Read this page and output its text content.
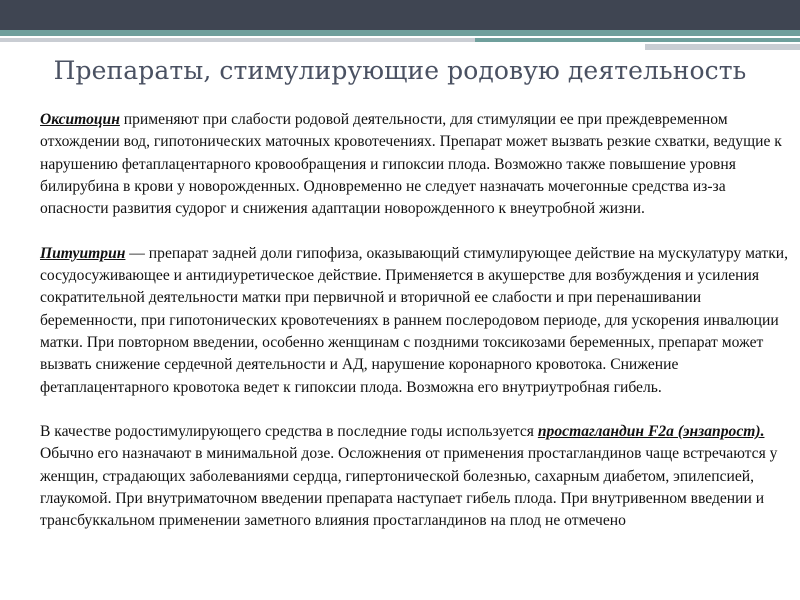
Препараты, стимулирующие родовую деятельность

Окситоцин применяют при слабости родовой деятельности, для стимуляции ее при преждевременном отхождении вод, гипотонических маточных кровотечениях. Препарат может вызвать резкие схватки, ведущие к нарушению фетаплацентарного кровообращения и гипоксии плода. Возможно также повышение уровня билирубина в крови у новорожденных. Одновременно не следует назначать мочегонные средства из-за опасности развития судорог и снижения адаптации новорожденного к внеутробной жизни.

Питуитрин — препарат задней доли гипофиза, оказывающий стимулирующее действие на мускулатуру матки, сосудосуживающее и антидиуретическое действие. Применяется в акушерстве для возбуждения и усиления сократительной деятельности матки при первичной и вторичной ее слабости и при перенашивании беременности, при гипотонических кровотечениях в раннем послеродовом периоде, для ускорения инвалюции матки. При повторном введении, особенно женщинам с поздними токсикозами беременных, препарат может вызвать снижение сердечной деятельности и АД, нарушение коронарного кровотока. Снижение фетаплацентарного кровотока ведет к гипоксии плода. Возможна его внутриутробная гибель.

В качестве родостимулирующего средства в последние годы используется простагландин F2a (энзапрост). Обычно его назначают в минимальной дозе. Осложнения от применения простагландинов чаще встречаются у женщин, страдающих заболеваниями сердца, гипертонической болезнью, сахарным диабетом, эпилепсией, глаукомой. При внутриматочном введении препарата наступает гибель плода. При внутривенном введении и трансбуккальном применении заметного влияния простагландинов на плод не отмечено
